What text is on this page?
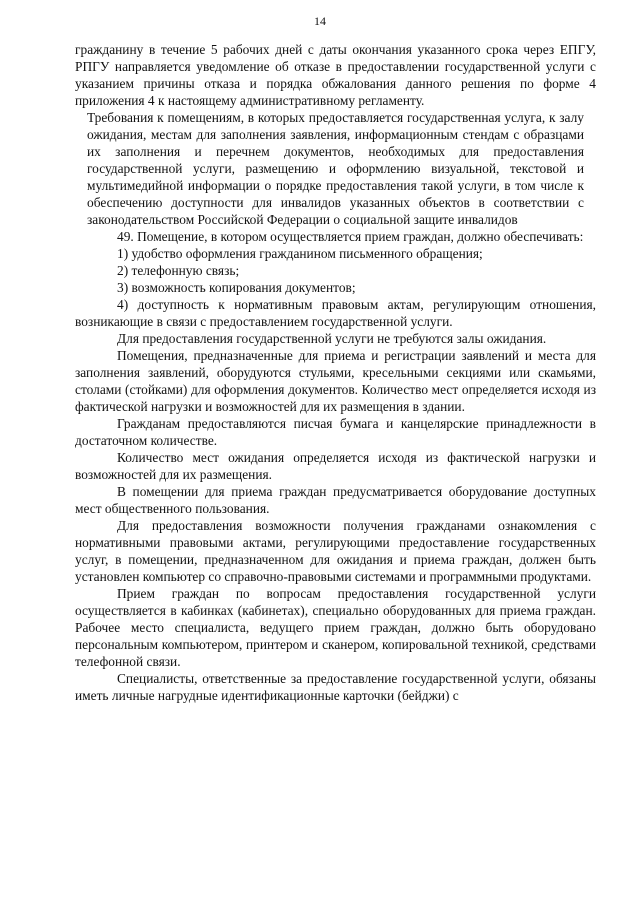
14

гражданину в течение 5 рабочих дней с даты окончания указанного срока через ЕПГУ, РПГУ направляется уведомление об отказе в предоставлении государственной услуги с указанием причины отказа и порядка обжалования данного решения по форме 4 приложения 4 к настоящему административному регламенту.

Требования к помещениям, в которых предоставляется государственная услуга, к залу ожидания, местам для заполнения заявления, информационным стендам с образцами их заполнения и перечнем документов, необходимых для предоставления государственной услуги, размещению и оформлению визуальной, текстовой и мультимедийной информации о порядке предоставления такой услуги, в том числе к обеспечению доступности для инвалидов указанных объектов в соответствии с законодательством Российской Федерации о социальной защите инвалидов

49. Помещение, в котором осуществляется прием граждан, должно обеспечивать:

1) удобство оформления гражданином письменного обращения;

2) телефонную связь;

3) возможность копирования документов;

4) доступность к нормативным правовым актам, регулирующим отношения, возникающие в связи с предоставлением государственной услуги.

Для предоставления государственной услуги не требуются залы ожидания.

Помещения, предназначенные для приема и регистрации заявлений и места для заполнения заявлений, оборудуются стульями, кресельными секциями или скамьями, столами (стойками) для оформления документов. Количество мест определяется исходя из фактической нагрузки и возможностей для их размещения в здании.

Гражданам предоставляются писчая бумага и канцелярские принадлежности в достаточном количестве.

Количество мест ожидания определяется исходя из фактической нагрузки и возможностей для их размещения.

В помещении для приема граждан предусматривается оборудование доступных мест общественного пользования.

Для предоставления возможности получения гражданами ознакомления с нормативными правовыми актами, регулирующими предоставление государственных услуг, в помещении, предназначенном для ожидания и приема граждан, должен быть установлен компьютер со справочно-правовыми системами и программными продуктами.

Прием граждан по вопросам предоставления государственной услуги осуществляется в кабинках (кабинетах), специально оборудованных для приема граждан. Рабочее место специалиста, ведущего прием граждан, должно быть оборудовано персональным компьютером, принтером и сканером, копировальной техникой, средствами телефонной связи.

Специалисты, ответственные за предоставление государственной услуги, обязаны иметь личные нагрудные идентификационные карточки (бейджи) с
